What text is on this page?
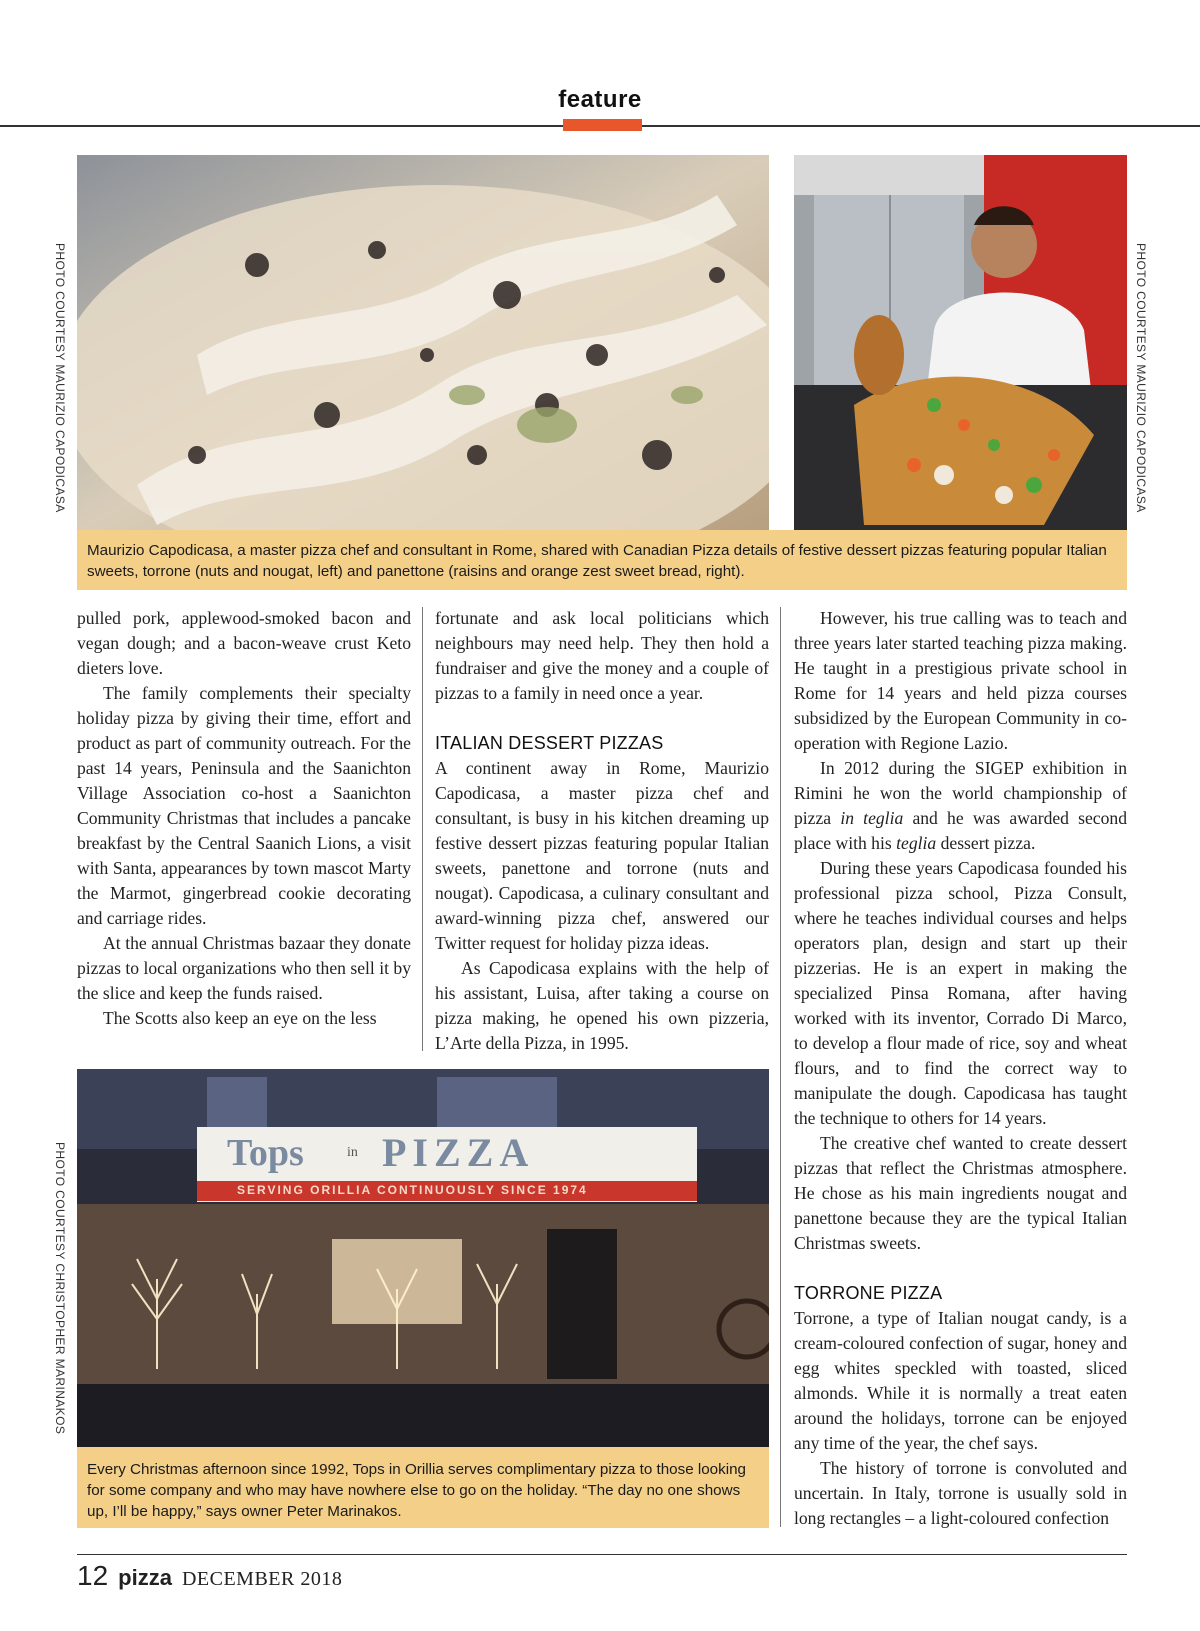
feature
PHOTO COURTESY MAURIZIO CAPODICASA	PHOTO COURTESY MAURIZIO CAPODICASA
Maurizio Capodicasa, a master pizza chef and consultant in Rome, shared with Canadian Pizza details of festive dessert pizzas featuring popular Italian sweets, torrone (nuts and nougat, left) and panettone (raisins and orange zest sweet bread, right).

pulled pork, applewood-smoked bacon and vegan dough; and a bacon-weave crust Keto dieters love.

The family complements their specialty holiday pizza by giving their time, effort and product as part of community outreach. For the past 14 years, Peninsula and the Saanichton Village Association co-host a Saanichton Community Christmas that includes a pancake breakfast by the Central Saanich Lions, a visit with Santa, appearances by town mascot Marty the Marmot, gingerbread cookie decorating and carriage rides.

At the annual Christmas bazaar they donate pizzas to local organizations who then sell it by the slice and keep the funds raised.

The Scotts also keep an eye on the less

fortunate and ask local politicians which neighbours may need help. They then hold a fundraiser and give the money and a couple of pizzas to a family in need once a year.

ITALIAN DESSERT PIZZAS

A continent away in Rome, Maurizio Capodicasa, a master pizza chef and consultant, is busy in his kitchen dreaming up festive dessert pizzas featuring popular Italian sweets, panettone and torrone (nuts and nougat). Capodicasa, a culinary consultant and award-winning pizza chef, answered our Twitter request for holiday pizza ideas.

As Capodicasa explains with the help of his assistant, Luisa, after taking a course on pizza making, he opened his own pizzeria, L’Arte della Pizza, in 1995.

However, his true calling was to teach and three years later started teaching pizza making. He taught in a prestigious private school in Rome for 14 years and held pizza courses subsidized by the European Community in co-operation with Regione Lazio.

In 2012 during the SIGEP exhibition in Rimini he won the world championship of pizza in teglia and he was awarded second place with his teglia dessert pizza.

During these years Capodicasa founded his professional pizza school, Pizza Consult, where he teaches individual courses and helps operators plan, design and start up their pizzerias. He is an expert in making the specialized Pinsa Romana, after having worked with its inventor, Corrado Di Marco, to develop a flour made of rice, soy and wheat flours, and to find the correct way to manipulate the dough. Capodicasa has taught the technique to others for 14 years.

The creative chef wanted to create dessert pizzas that reflect the Christmas atmosphere. He chose as his main ingredients nougat and panettone because they are the typical Italian Christmas sweets.

TORRONE PIZZA

Torrone, a type of Italian nougat candy, is a cream-coloured confection of sugar, honey and egg whites speckled with toasted, sliced almonds. While it is normally a treat eaten around the holidays, torrone can be enjoyed any time of the year, the chef says.

The history of torrone is convoluted and uncertain. In Italy, torrone is usually sold in long rectangles – a light-coloured confection

Tops	in PIZZA
SERVING ORILLIA CONTINUOUSLY SINCE 1974
PHOTO COURTESY CHRISTOPHER MARINAKOS
Every Christmas afternoon since 1992, Tops in Orillia serves complimentary pizza to those looking for some company and who may have nowhere else to go on the holiday. “The day no one shows up, I’ll be happy,” says owner Peter Marinakos.
12 pizza DECEMBER 2018
